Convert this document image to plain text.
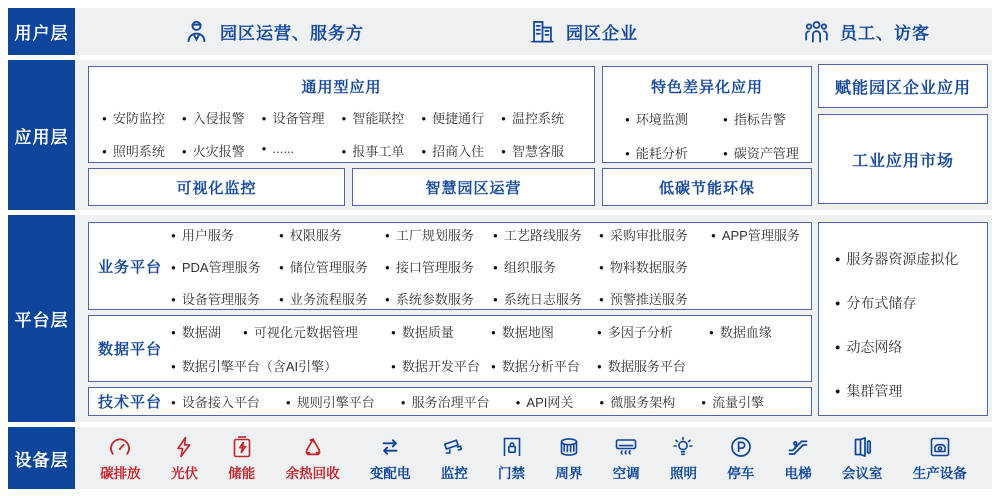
用户层	园区运营、服务方	园区企业	员工、访客
应用层
通用型应用
● 安防监控	● 入侵报警	● 设备管理	● 智能联控	● 便捷通行	● 温控系统
● 照明系统	● 火灾报警	● ......	● 报事工单	● 招商入住	● 智慧客服
特色差异化应用
● 环境监测	● 指标告警
● 能耗分析	● 碳资产管理
可视化监控	智慧园区运营	低碳节能环保
赋能园区企业应用
工业应用市场
平台层
业务平台
● 用户服务	● 权限服务	● 工厂规划服务	● 工艺路线服务	● 采购审批服务	● APP管理服务
● PDA管理服务	● 储位管理服务	● 接口管理服务	● 组织服务	● 物料数据服务
● 设备管理服务	● 业务流程服务	● 系统参数服务	● 系统日志服务	● 预警推送服务
数据平台
● 数据湖	● 可视化元数据管理	● 数据质量	● 数据地图	● 多因子分析	● 数据血缘
● 数据引擎平台（含AI引擎）	● 数据开发平台	● 数据分析平台	● 数据服务平台
技术平台	● 设备接入平台	● 规则引擎平台	● 服务治理平台	● API网关	● 微服务架构	● 流量引擎
● 服务器资源虚拟化
● 分布式储存
● 动态网络
● 集群管理
设备层
碳排放 光伏 储能 余热回收 变配电 监控 门禁 周界 空调 照明 停车 电梯 会议室 生产设备
